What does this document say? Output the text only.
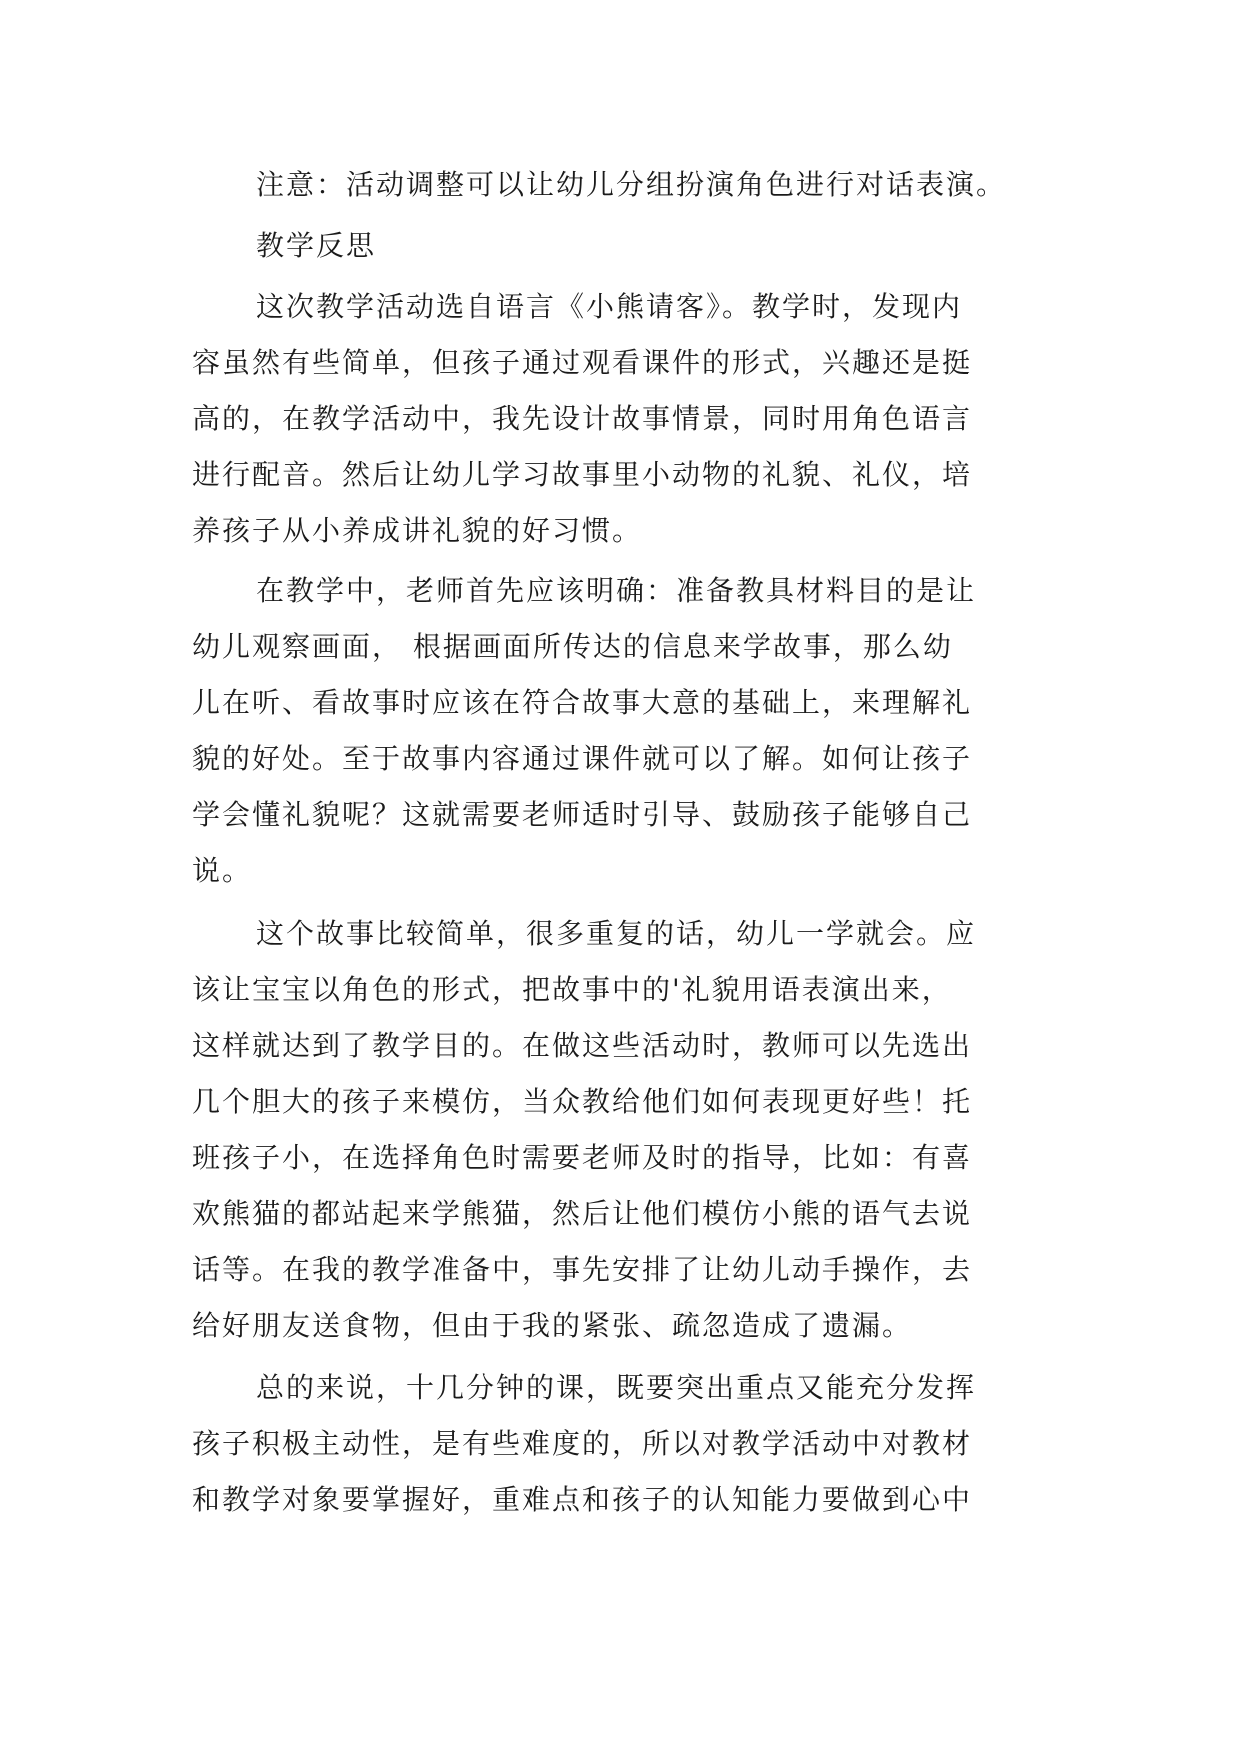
注意：活动调整可以让幼儿分组扮演角色进行对话表演。
教学反思
这次教学活动选自语言《小熊请客》。教学时，发现内
容虽然有些简单，但孩子通过观看课件的形式，兴趣还是挺
高的，在教学活动中，我先设计故事情景，同时用角色语言
进行配音。然后让幼儿学习故事里小动物的礼貌、礼仪，培
养孩子从小养成讲礼貌的好习惯。
在教学中，老师首先应该明确：准备教具材料目的是让
幼儿观察画面， 根据画面所传达的信息来学故事，那么幼
儿在听、看故事时应该在符合故事大意的基础上，来理解礼
貌的好处。至于故事内容通过课件就可以了解。如何让孩子
学会懂礼貌呢？这就需要老师适时引导、鼓励孩子能够自己
说。
这个故事比较简单，很多重复的话，幼儿一学就会。应
该让宝宝以角色的形式，把故事中的'礼貌用语表演出来，
这样就达到了教学目的。在做这些活动时，教师可以先选出
几个胆大的孩子来模仿，当众教给他们如何表现更好些！托
班孩子小，在选择角色时需要老师及时的指导，比如：有喜
欢熊猫的都站起来学熊猫，然后让他们模仿小熊的语气去说
话等。在我的教学准备中，事先安排了让幼儿动手操作，去
给好朋友送食物，但由于我的紧张、疏忽造成了遗漏。
总的来说，十几分钟的课，既要突出重点又能充分发挥
孩子积极主动性，是有些难度的，所以对教学活动中对教材
和教学对象要掌握好，重难点和孩子的认知能力要做到心中
